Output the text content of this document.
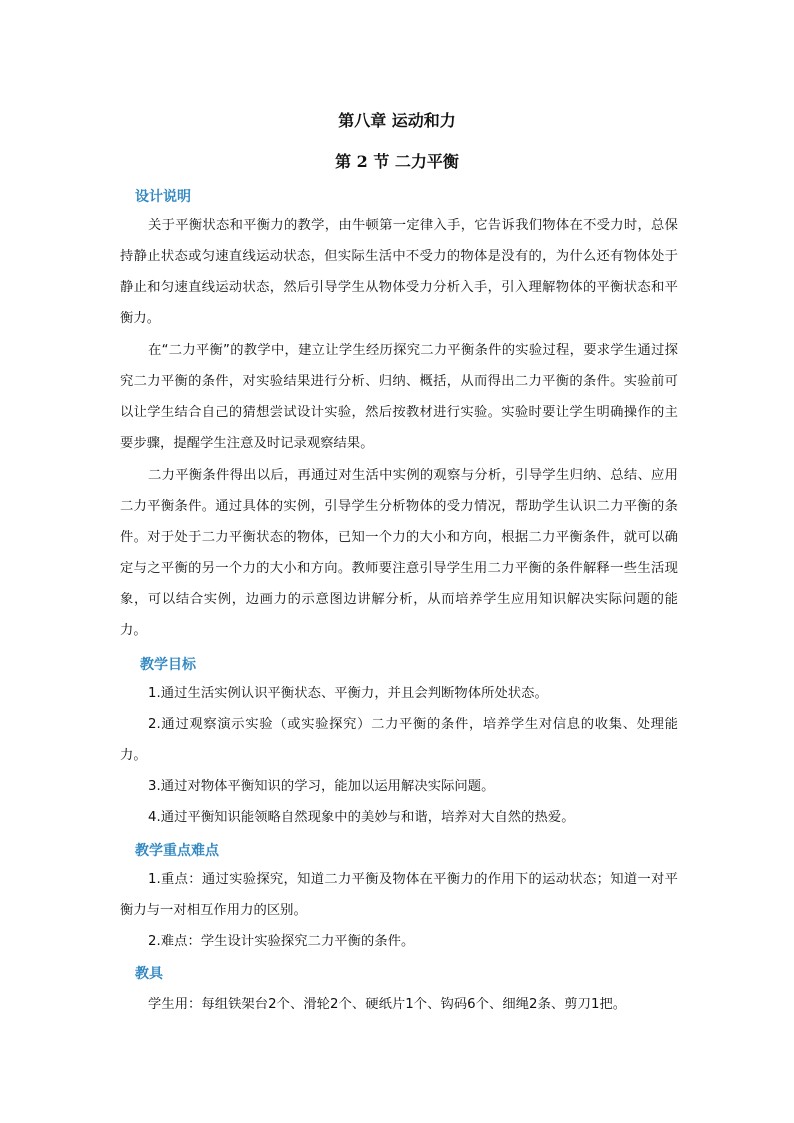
第八章 运动和力
第 2 节 二力平衡
设计说明
关于平衡状态和平衡力的教学，由牛顿第一定律入手，它告诉我们物体在不受力时，总保持静止状态或匀速直线运动状态，但实际生活中不受力的物体是没有的，为什么还有物体处于静止和匀速直线运动状态，然后引导学生从物体受力分析入手，引入理解物体的平衡状态和平衡力。
在“二力平衡”的教学中，建立让学生经历探究二力平衡条件的实验过程，要求学生通过探究二力平衡的条件，对实验结果进行分析、归纳、概括，从而得出二力平衡的条件。实验前可以让学生结合自己的猜想尝试设计实验，然后按教材进行实验。实验时要让学生明确操作的主要步骤，提醒学生注意及时记录观察结果。
二力平衡条件得出以后，再通过对生活中实例的观察与分析，引导学生归纳、总结、应用二力平衡条件。通过具体的实例，引导学生分析物体的受力情况，帮助学生认识二力平衡的条件。对于处于二力平衡状态的物体，已知一个力的大小和方向，根据二力平衡条件，就可以确定与之平衡的另一个力的大小和方向。教师要注意引导学生用二力平衡的条件解释一些生活现象，可以结合实例，边画力的示意图边讲解分析，从而培养学生应用知识解决实际问题的能力。
教学目标
1.通过生活实例认识平衡状态、平衡力，并且会判断物体所处状态。
2.通过观察演示实验（或实验探究）二力平衡的条件，培养学生对信息的收集、处理能力。
3.通过对物体平衡知识的学习，能加以运用解决实际问题。
4.通过平衡知识能领略自然现象中的美妙与和谐，培养对大自然的热爱。
教学重点难点
1.重点：通过实验探究，知道二力平衡及物体在平衡力的作用下的运动状态；知道一对平衡力与一对相互作用力的区别。
2.难点：学生设计实验探究二力平衡的条件。
教具
学生用：每组铁架台2个、滑轮2个、硬纸片1个、钩码6个、细绳2条、剪刀1把。
